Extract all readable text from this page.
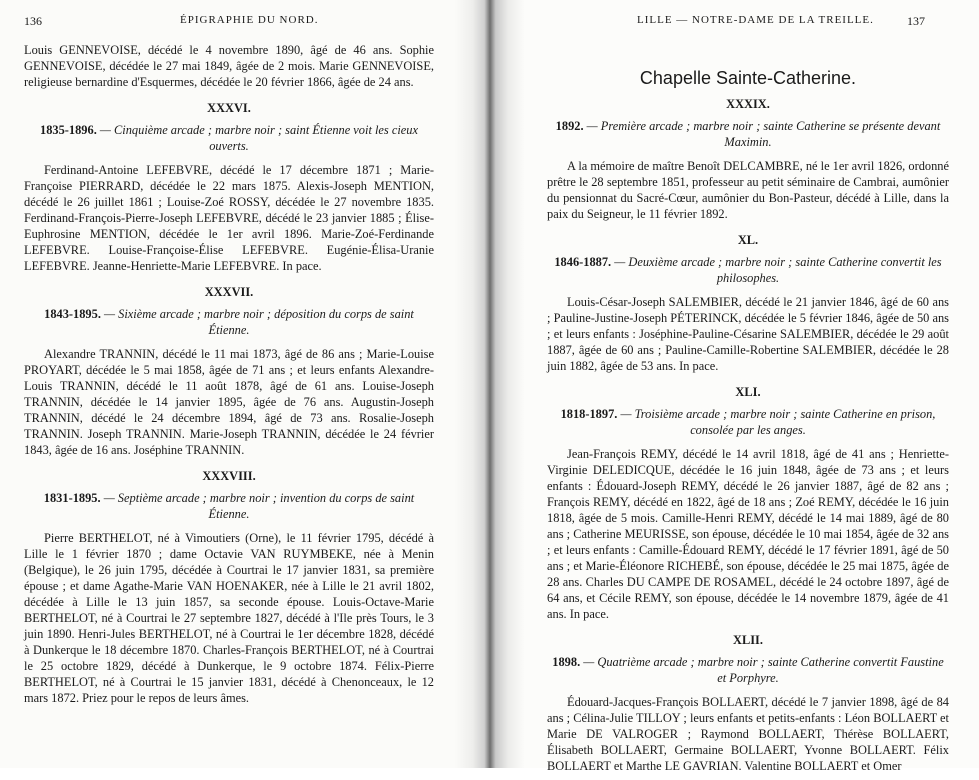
136	ÉPIGRAPHIE DU NORD.

Louis GENNEVOISE, décédé le 4 novembre 1890, âgé de 46 ans. Sophie GENNEVOISE, décédée le 27 mai 1849, âgée de 2 mois. Marie GENNEVOISE, religieuse bernardine d'Esquermes, décédée le 20 février 1866, âgée de 24 ans.

XXXVI.

1835-1896. — Cinquième arcade ; marbre noir ; saint Étienne voit les cieux ouverts.

Ferdinand-Antoine LEFEBVRE, décédé le 17 décembre 1871 ; Marie-Françoise PIERRARD, décédée le 22 mars 1875. Alexis-Joseph MENTION, décédé le 26 juillet 1861 ; Louise-Zoé ROSSY, décédée le 27 novembre 1835. Ferdinand-François-Pierre-Joseph LEFEBVRE, décédé le 23 janvier 1885 ; Élise-Euphrosine MENTION, décédée le 1er avril 1896. Marie-Zoé-Ferdinande LEFEBVRE. Louise-Françoise-Élise LEFEBVRE. Eugénie-Élisa-Uranie LEFEBVRE. Jeanne-Henriette-Marie LEFEBVRE. In pace.

XXXVII.

1843-1895. — Sixième arcade ; marbre noir ; déposition du corps de saint Étienne.

Alexandre TRANNIN, décédé le 11 mai 1873, âgé de 86 ans ; Marie-Louise PROYART, décédée le 5 mai 1858, âgée de 71 ans ; et leurs enfants Alexandre-Louis TRANNIN, décédé le 11 août 1878, âgé de 61 ans. Louise-Joseph TRANNIN, décédée le 14 janvier 1895, âgée de 76 ans. Augustin-Joseph TRANNIN, décédé le 24 décembre 1894, âgé de 73 ans. Rosalie-Joseph TRANNIN. Joseph TRANNIN. Marie-Joseph TRANNIN, décédée le 24 février 1843, âgée de 16 ans. Joséphine TRANNIN.

XXXVIII.

1831-1895. — Septième arcade ; marbre noir ; invention du corps de saint Étienne.

Pierre BERTHELOT, né à Vimoutiers (Orne), le 11 février 1795, décédé à Lille le 1 février 1870 ; dame Octavie VAN RUYMBEKE, née à Menin (Belgique), le 26 juin 1795, décédée à Courtrai le 17 janvier 1831, sa première épouse ; et dame Agathe-Marie VAN HOENAKER, née à Lille le 21 avril 1802, décédée à Lille le 13 juin 1857, sa seconde épouse. Louis-Octave-Marie BERTHELOT, né à Courtrai le 27 septembre 1827, décédé à l'Ile près Tours, le 3 juin 1890. Henri-Jules BERTHELOT, né à Courtrai le 1er décembre 1828, décédé à Dunkerque le 18 décembre 1870. Charles-François BERTHELOT, né à Courtrai le 25 octobre 1829, décédé à Dunkerque, le 9 octobre 1874. Félix-Pierre BERTHELOT, né à Courtrai le 15 janvier 1831, décédé à Chenonceaux, le 12 mars 1872. Priez pour le repos de leurs âmes.

LILLE — NOTRE-DAME DE LA TREILLE.	137
Chapelle Sainte-Catherine.
XXXIX.

1892. — Première arcade ; marbre noir ; sainte Catherine se présente devant Maximin.

A la mémoire de maître Benoît DELCAMBRE, né le 1er avril 1826, ordonné prêtre le 28 septembre 1851, professeur au petit séminaire de Cambrai, aumônier du pensionnat du Sacré-Cœur, aumônier du Bon-Pasteur, décédé à Lille, dans la paix du Seigneur, le 11 février 1892.

XL.

1846-1887. — Deuxième arcade ; marbre noir ; sainte Catherine convertit les philosophes.

Louis-César-Joseph SALEMBIER, décédé le 21 janvier 1846, âgé de 60 ans ; Pauline-Justine-Joseph PÉTERINCK, décédée le 5 février 1846, âgée de 50 ans ; et leurs enfants : Joséphine-Pauline-Césarine SALEMBIER, décédée le 29 août 1887, âgée de 60 ans ; Pauline-Camille-Robertine SALEMBIER, décédée le 28 juin 1882, âgée de 53 ans. In pace.

XLI.

1818-1897. — Troisième arcade ; marbre noir ; sainte Catherine en prison, consolée par les anges.

Jean-François REMY, décédé le 14 avril 1818, âgé de 41 ans ; Henriette-Virginie DELEDICQUE, décédée le 16 juin 1848, âgée de 73 ans ; et leurs enfants : Édouard-Joseph REMY, décédé le 26 janvier 1887, âgé de 82 ans ; François REMY, décédé en 1822, âgé de 18 ans ; Zoé REMY, décédée le 16 juin 1818, âgée de 5 mois. Camille-Henri REMY, décédé le 14 mai 1889, âgé de 80 ans ; Catherine MEURISSE, son épouse, décédée le 10 mai 1854, âgée de 32 ans ; et leurs enfants : Camille-Édouard REMY, décédé le 17 février 1891, âgé de 50 ans ; et Marie-Éléonore RICHEBÉ, son épouse, décédée le 25 mai 1875, âgée de 28 ans. Charles DU CAMPE DE ROSAMEL, décédé le 24 octobre 1897, âgé de 64 ans, et Cécile REMY, son épouse, décédée le 14 novembre 1879, âgée de 41 ans. In pace.

XLII.

1898. — Quatrième arcade ; marbre noir ; sainte Catherine convertit Faustine et Porphyre.

Édouard-Jacques-François BOLLAERT, décédé le 7 janvier 1898, âgé de 84 ans ; Célina-Julie TILLOY ; leurs enfants et petits-enfants : Léon BOLLAERT et Marie DE VALROGER ; Raymond BOLLAERT, Thérèse BOLLAERT, Élisabeth BOLLAERT, Germaine BOLLAERT, Yvonne BOLLAERT. Félix BOLLAERT et Marthe LE GAVRIAN. Valentine BOLLAERT et Omer
